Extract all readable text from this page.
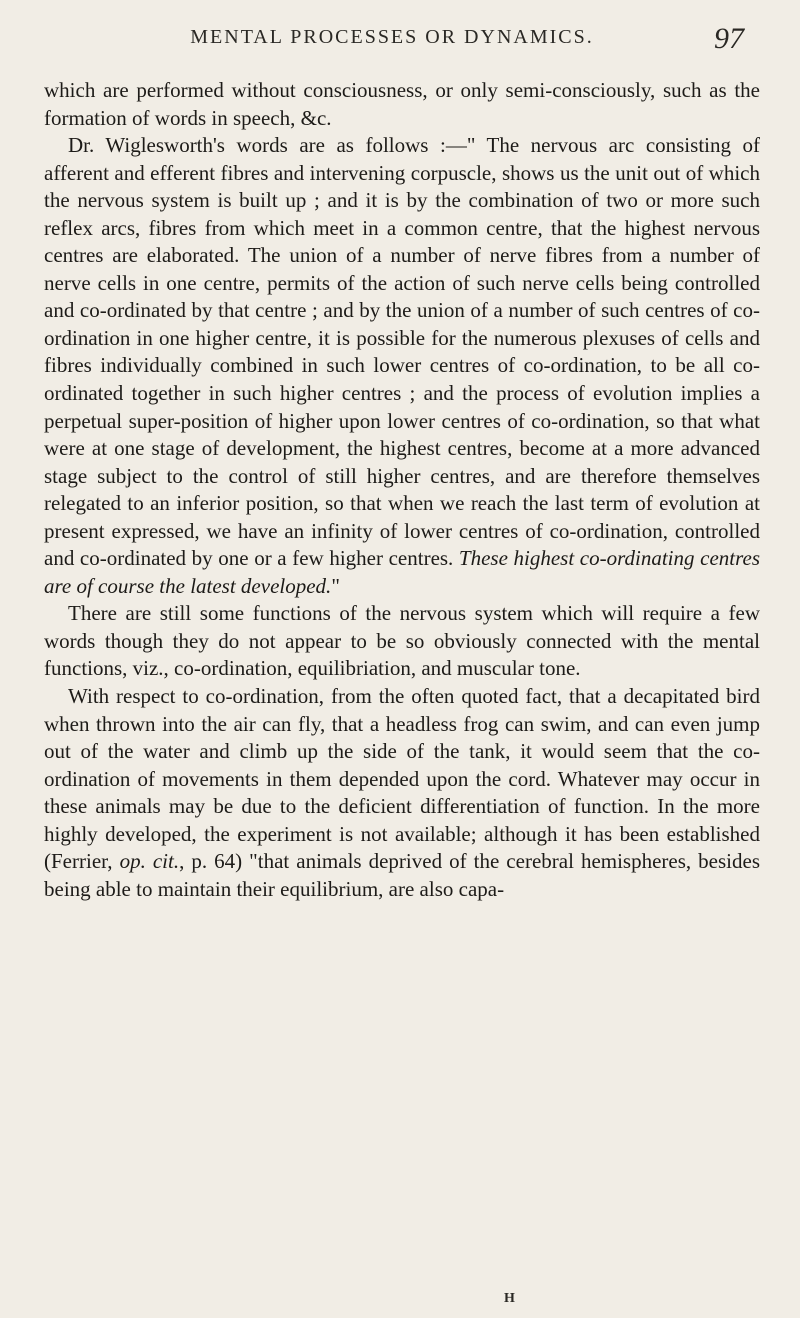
MENTAL PROCESSES OR DYNAMICS.	97

which are performed without consciousness, or only semi-consciously, such as the formation of words in speech, &c.

Dr. Wiglesworth's words are as follows :—" The nervous arc consisting of afferent and efferent fibres and intervening corpuscle, shows us the unit out of which the nervous system is built up ; and it is by the combination of two or more such reflex arcs, fibres from which meet in a common centre, that the highest nervous centres are elaborated. The union of a number of nerve fibres from a number of nerve cells in one centre, permits of the action of such nerve cells being controlled and co-ordinated by that centre ; and by the union of a number of such centres of co-ordination in one higher centre, it is possible for the numerous plexuses of cells and fibres individually combined in such lower centres of co-ordination, to be all co-ordinated together in such higher centres ; and the process of evolution implies a perpetual super-position of higher upon lower centres of co-ordination, so that what were at one stage of development, the highest centres, become at a more advanced stage subject to the control of still higher centres, and are therefore themselves relegated to an inferior position, so that when we reach the last term of evolution at present expressed, we have an infinity of lower centres of co-ordination, controlled and co-ordinated by one or a few higher centres. These highest co-ordinating centres are of course the latest developed."

There are still some functions of the nervous system which will require a few words though they do not appear to be so obviously connected with the mental functions, viz., co-ordination, equilibriation, and muscular tone.

With respect to co-ordination, from the often quoted fact, that a decapitated bird when thrown into the air can fly, that a headless frog can swim, and can even jump out of the water and climb up the side of the tank, it would seem that the co-ordination of movements in them depended upon the cord. Whatever may occur in these animals may be due to the deficient differentiation of function. In the more highly developed, the experiment is not available; although it has been established (Ferrier, op. cit., p. 64) "that animals deprived of the cerebral hemispheres, besides being able to maintain their equilibrium, are also capa-

H
